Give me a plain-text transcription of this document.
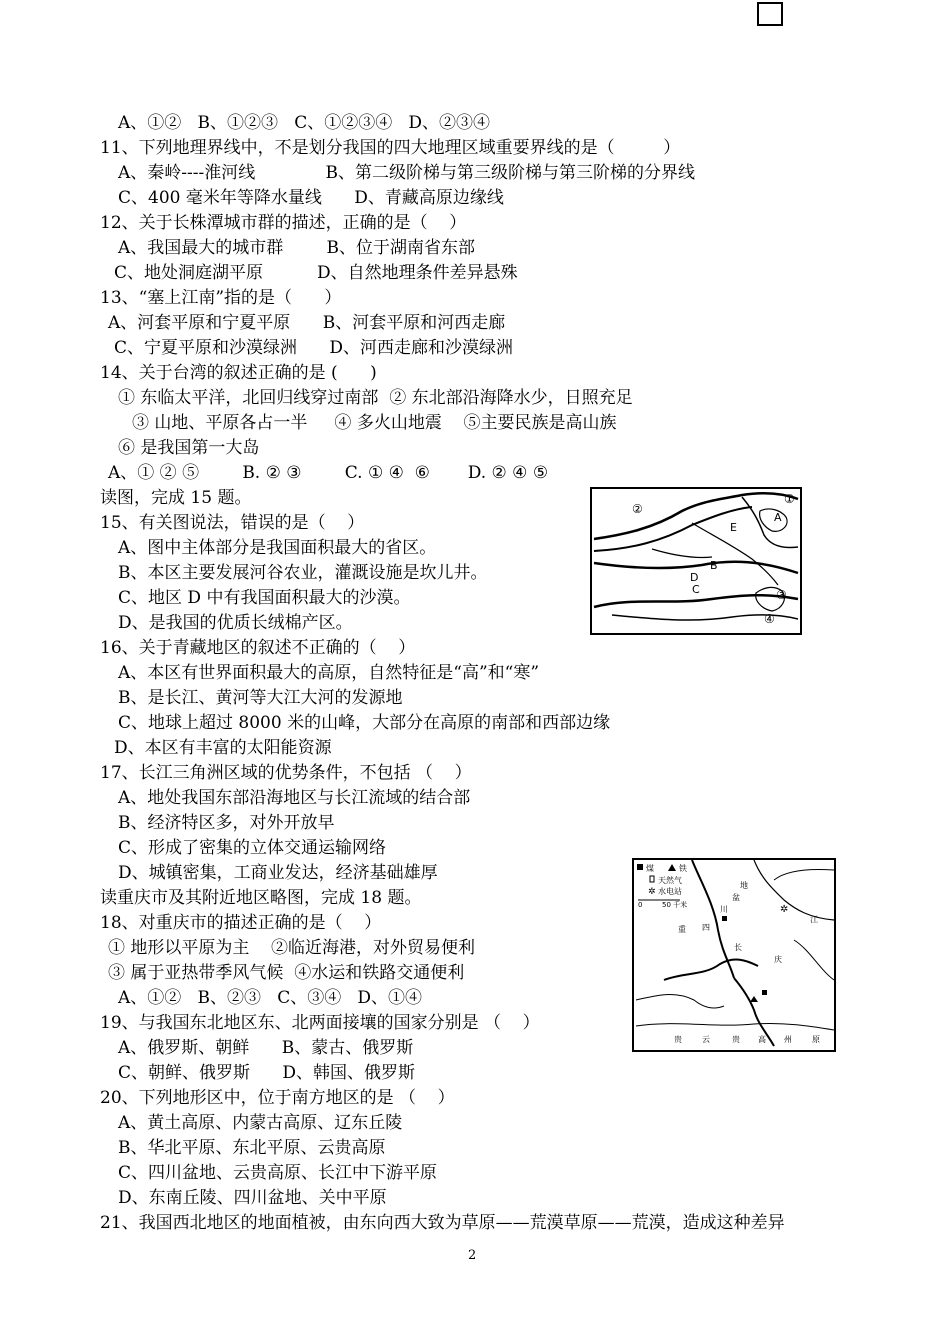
A、①②   B、①②③   C、①②③④   D、②③④
11、下列地理界线中，不是划分我国的四大地理区域重要界线的是（         ）
A、秦岭----淮河线             B、第二级阶梯与第三级阶梯与第三阶梯的分界线
C、400 毫米年等降水量线      D、青藏高原边缘线
12、关于长株潭城市群的描述，正确的是（    ）
A、我国最大的城市群        B、位于湖南省东部
C、地处洞庭湖平原          D、自然地理条件差异悬殊
13、“塞上江南”指的是（      ）
A、河套平原和宁夏平原      B、河套平原和河西走廊
C、宁夏平原和沙漠绿洲      D、河西走廊和沙漠绿洲
14、关于台湾的叙述正确的是 (      )
① 东临太平洋，北回归线穿过南部  ② 东北部沿海降水少，日照充足
③ 山地、平原各占一半     ④ 多火山地震    ⑤主要民族是高山族
⑥ 是我国第一大岛
A、① ② ⑤        B. ② ③        C. ① ④  ⑥       D. ② ④ ⑤
读图，完成 15 题。
15、有关图说法，错误的是（    ）
A、图中主体部分是我国面积最大的省区。
B、本区主要发展河谷农业，灌溉设施是坎儿井。
C、地区 D 中有我国面积最大的沙漠。
D、是我国的优质长绒棉产区。
16、关于青藏地区的叙述不正确的（    ）
A、本区有世界面积最大的高原，自然特征是“高”和“寒”
B、是长江、黄河等大江大河的发源地
C、地球上超过 8000 米的山峰，大部分在高原的南部和西部边缘
D、本区有丰富的太阳能资源
17、长江三角洲区域的优势条件，不包括 （    ）
A、地处我国东部沿海地区与长江流域的结合部
B、经济特区多，对外开放早
C、形成了密集的立体交通运输网络
D、城镇密集，工商业发达，经济基础雄厚
读重庆市及其附近地区略图，完成 18 题。
18、对重庆市的描述正确的是（    ）
① 地形以平原为主    ②临近海港，对外贸易便利
③ 属于亚热带季风气候  ④水运和铁路交通便利
A、①②   B、②③   C、③④   D、①④
19、与我国东北地区东、北两面接壤的国家分别是 （    ）
A、俄罗斯、朝鲜      B、蒙古、俄罗斯
C、朝鲜、俄罗斯      D、韩国、俄罗斯
20、下列地形区中，位于南方地区的是 （    ）
A、黄土高原、内蒙古高原、辽东丘陵
B、华北平原、东北平原、云贵高原
C、四川盆地、云贵高原、长江中下游平原
D、东南丘陵、四川盆地、关中平原
21、我国西北地区的地面植被，由东向西大致为草原——荒漠草原——荒漠，造成这种差异
①
②
③
④
A
B
C
D
E
煤	铁
天然气
✲ 水电站
0	50 千米	✲
重 四
川
盆
地
长
江
庆
贵	云	贵 高 州	原
2
